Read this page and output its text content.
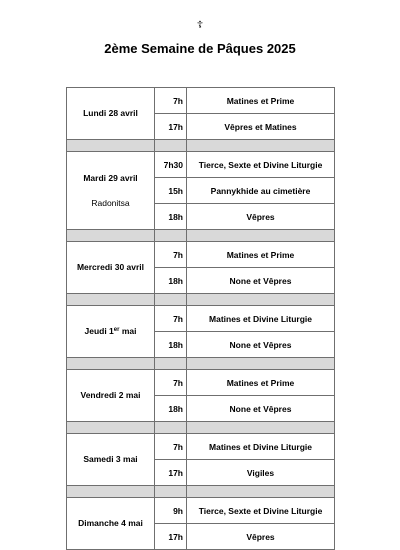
☦
2ème Semaine de Pâques 2025
Lundi 28 avril	7h	Matines et Prime
	17h	Vêpres et Matines

Mardi 29 avril
Radonitsa	7h30	Tierce, Sexte et Divine Liturgie
	15h	Pannykhide au cimetière
	18h	Vêpres

Mercredi 30 avril	7h	Matines et Prime
	18h	None et Vêpres

Jeudi 1er mai	7h	Matines et Divine Liturgie
	18h	None et Vêpres

Vendredi 2 mai	7h	Matines et Prime
	18h	None et Vêpres

Samedi 3 mai	7h	Matines et Divine Liturgie
	17h	Vigiles

Dimanche 4 mai	9h	Tierce, Sexte et Divine Liturgie
	17h	Vêpres
